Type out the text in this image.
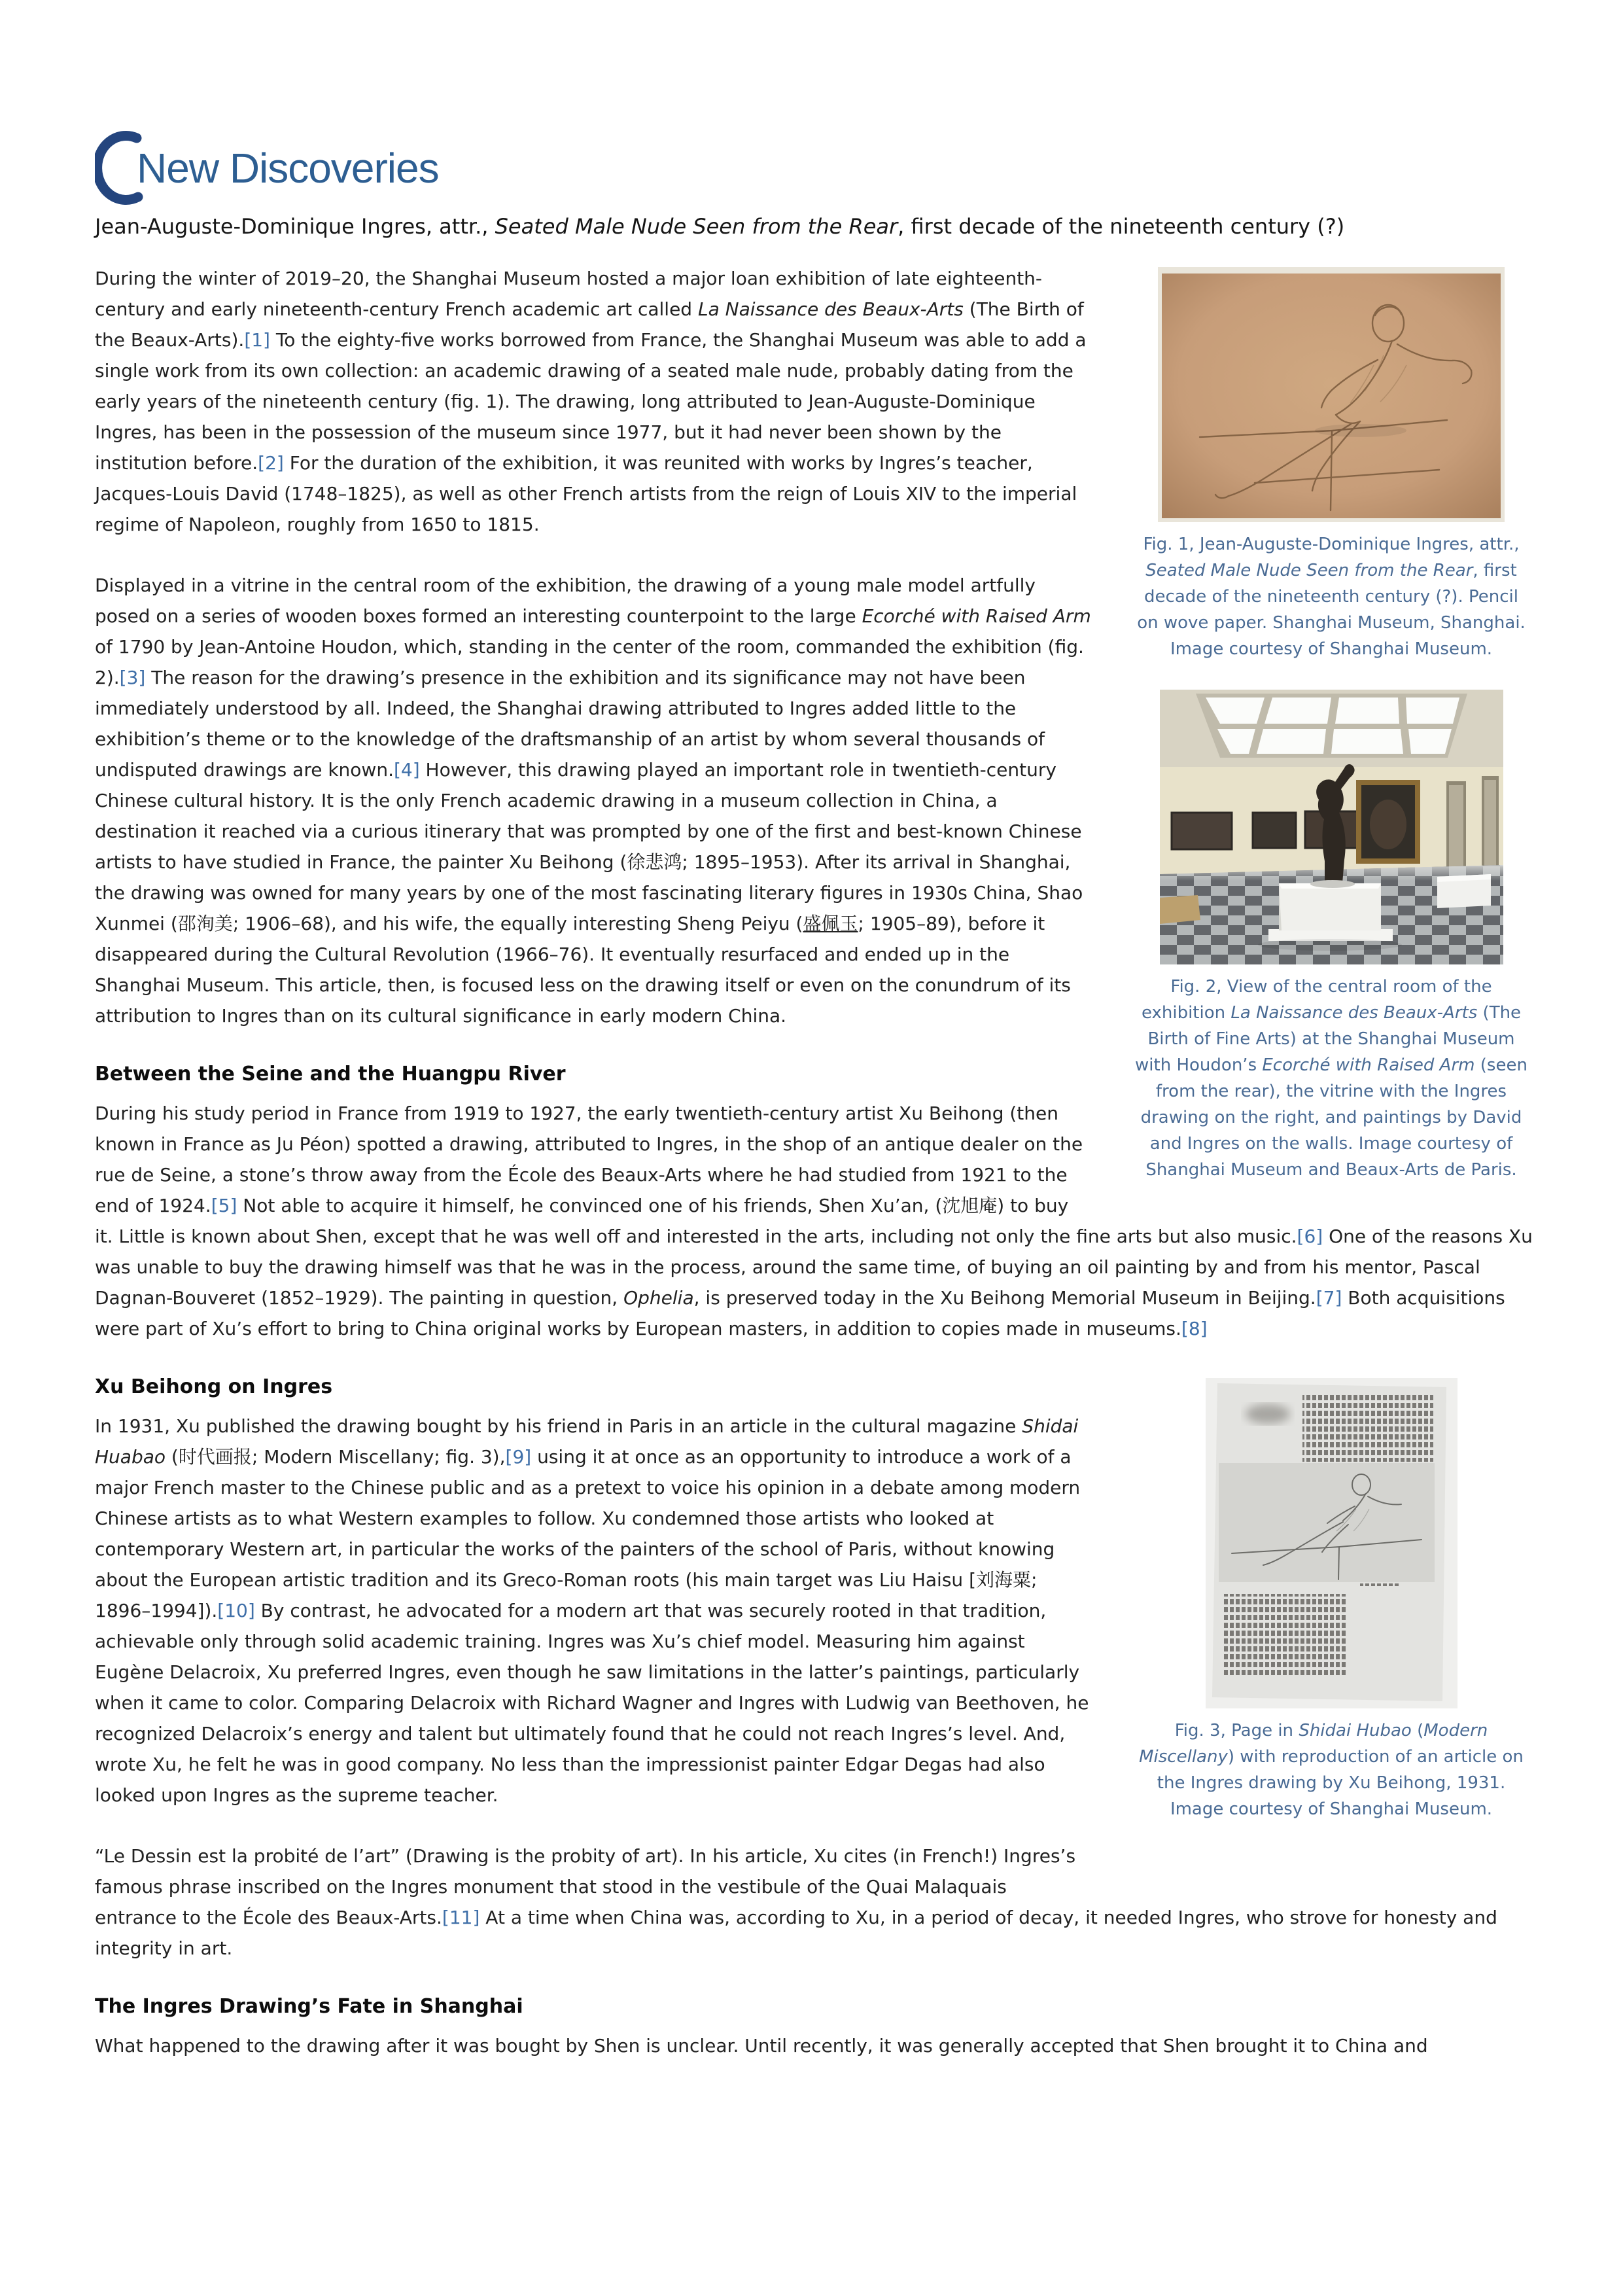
New Discoveries
Jean-Auguste-Dominique Ingres, attr., Seated Male Nude Seen from the Rear, first decade of the nineteenth century (?)
Fig. 1, Jean-Auguste-Dominique Ingres, attr., Seated Male Nude Seen from the Rear, first decade of the nineteenth century (?). Pencil on wove paper. Shanghai Museum, Shanghai. Image courtesy of Shanghai Museum.

During the winter of 2019–20, the Shanghai Museum hosted a major loan exhibition of late eighteenth-century and early nineteenth-century French academic art called La Naissance des Beaux-Arts (The Birth of the Beaux-Arts).[1] To the eighty-five works borrowed from France, the Shanghai Museum was able to add a single work from its own collection: an academic drawing of a seated male nude, probably dating from the early years of the nineteenth century (fig. 1). The drawing, long attributed to Jean-Auguste-Dominique Ingres, has been in the possession of the museum since 1977, but it had never been shown by the institution before.[2] For the duration of the exhibition, it was reunited with works by Ingres’s teacher, Jacques-Louis David (1748–1825), as well as other French artists from the reign of Louis XIV to the imperial regime of Napoleon, roughly from 1650 to 1815.

Fig. 2, View of the central room of the exhibition La Naissance des Beaux-Arts (The Birth of Fine Arts) at the Shanghai Museum with Houdon’s Ecorché with Raised Arm (seen from the rear), the vitrine with the Ingres drawing on the right, and paintings by David and Ingres on the walls. Image courtesy of Shanghai Museum and Beaux-Arts de Paris.

Displayed in a vitrine in the central room of the exhibition, the drawing of a young male model artfully posed on a series of wooden boxes formed an interesting counterpoint to the large Ecorché with Raised Arm of 1790 by Jean-Antoine Houdon, which, standing in the center of the room, commanded the exhibition (fig. 2).[3] The reason for the drawing’s presence in the exhibition and its significance may not have been immediately understood by all. Indeed, the Shanghai drawing attributed to Ingres added little to the exhibition’s theme or to the knowledge of the draftsmanship of an artist by whom several thousands of undisputed drawings are known.[4] However, this drawing played an important role in twentieth-century Chinese cultural history. It is the only French academic drawing in a museum collection in China, a destination it reached via a curious itinerary that was prompted by one of the first and best-known Chinese artists to have studied in France, the painter Xu Beihong (徐悲鸿; 1895–1953). After its arrival in Shanghai, the drawing was owned for many years by one of the most fascinating literary figures in 1930s China, Shao Xunmei (邵洵美; 1906–68), and his wife, the equally interesting Sheng Peiyu (盛佩玉; 1905–89), before it disappeared during the Cultural Revolution (1966–76). It eventually resurfaced and ended up in the Shanghai Museum. This article, then, is focused less on the drawing itself or even on the conundrum of its attribution to Ingres than on its cultural significance in early modern China.

Between the Seine and the Huangpu River

During his study period in France from 1919 to 1927, the early twentieth-century artist Xu Beihong (then known in France as Ju Péon) spotted a drawing, attributed to Ingres, in the shop of an antique dealer on the rue de Seine, a stone’s throw away from the École des Beaux-Arts where he had studied from 1921 to the end of 1924.[5] Not able to acquire it himself, he convinced one of his friends, Shen Xu’an, (沈旭庵) to buy it. Little is known about Shen, except that he was well off and interested in the arts, including not only the fine arts but also music.[6] One of the reasons Xu was unable to buy the drawing himself was that he was in the process, around the same time, of buying an oil painting by and from his mentor, Pascal Dagnan-Bouveret (1852–1929). The painting in question, Ophelia, is preserved today in the Xu Beihong Memorial Museum in Beijing.[7] Both acquisitions were part of Xu’s effort to bring to China original works by European masters, in addition to copies made in museums.[8]

Fig. 3, Page in Shidai Hubao (Modern Miscellany) with reproduction of an article on the Ingres drawing by Xu Beihong, 1931. Image courtesy of Shanghai Museum.
Xu Beihong on Ingres

In 1931, Xu published the drawing bought by his friend in Paris in an article in the cultural magazine Shidai Huabao (时代画报; Modern Miscellany; fig. 3),[9] using it at once as an opportunity to introduce a work of a major French master to the Chinese public and as a pretext to voice his opinion in a debate among modern Chinese artists as to what Western examples to follow. Xu condemned those artists who looked at contemporary Western art, in particular the works of the painters of the school of Paris, without knowing about the European artistic tradition and its Greco-Roman roots (his main target was Liu Haisu [刘海粟; 1896–1994]).[10] By contrast, he advocated for a modern art that was securely rooted in that tradition, achievable only through solid academic training. Ingres was Xu’s chief model. Measuring him against Eugène Delacroix, Xu preferred Ingres, even though he saw limitations in the latter’s paintings, particularly when it came to color. Comparing Delacroix with Richard Wagner and Ingres with Ludwig van Beethoven, he recognized Delacroix’s energy and talent but ultimately found that he could not reach Ingres’s level. And, wrote Xu, he felt he was in good company. No less than the impressionist painter Edgar Degas had also looked upon Ingres as the supreme teacher.

“Le Dessin est la probité de l’art” (Drawing is the probity of art). In his article, Xu cites (in French!) Ingres’s famous phrase inscribed on the Ingres monument that stood in the vestibule of the Quai Malaquais entrance to the École des Beaux-Arts.[11] At a time when China was, according to Xu, in a period of decay, it needed Ingres, who strove for honesty and integrity in art.

The Ingres Drawing’s Fate in Shanghai

What happened to the drawing after it was bought by Shen is unclear. Until recently, it was generally accepted that Shen brought it to China and
